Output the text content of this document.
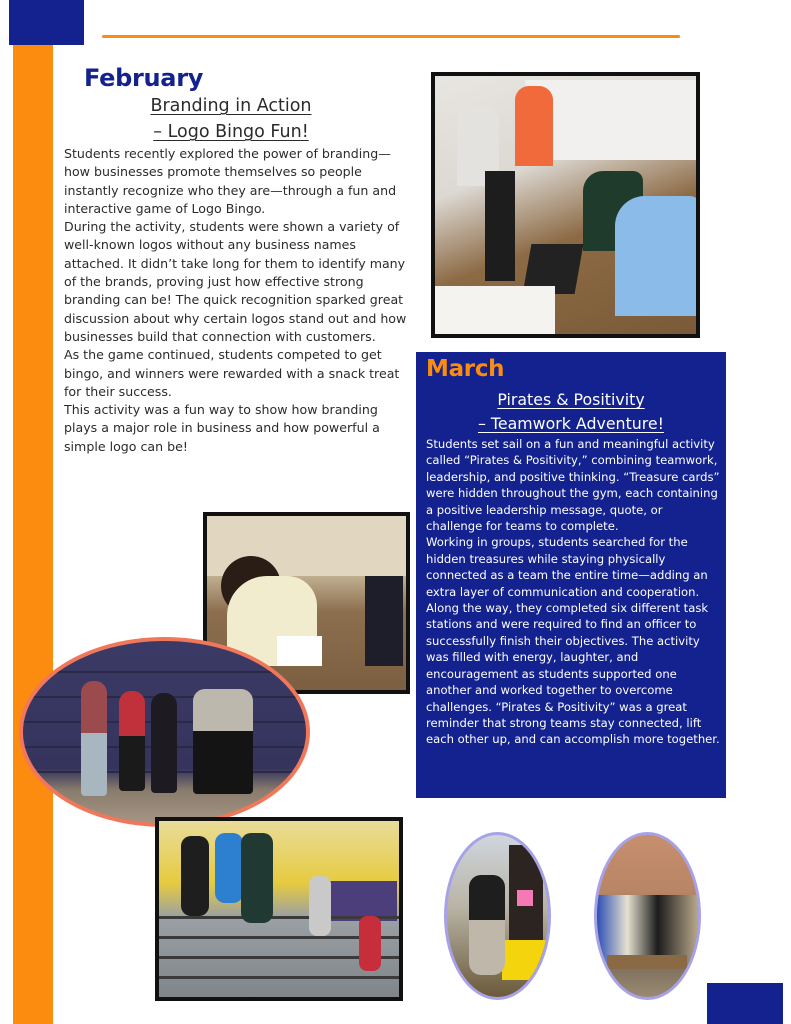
February
Branding in Action
– Logo Bingo Fun!

Students recently explored the power of branding—how businesses promote themselves so people instantly recognize who they are—through a fun and interactive game of Logo Bingo.

During the activity, students were shown a variety of well-known logos without any business names attached. It didn’t take long for them to identify many of the brands, proving just how effective strong branding can be! The quick recognition sparked great discussion about why certain logos stand out and how businesses build that connection with customers.

As the game continued, students competed to get bingo, and winners were rewarded with a snack treat for their success.

This activity was a fun way to show how branding plays a major role in business and how powerful a simple logo can be!

March
Pirates & Positivity
– Teamwork Adventure!

Students set sail on a fun and meaningful activity called “Pirates & Positivity,” combining teamwork, leadership, and positive thinking. “Treasure cards” were hidden throughout the gym, each containing a positive leadership message, quote, or challenge for teams to complete.

Working in groups, students searched for the hidden treasures while staying physically connected as a team the entire time—adding an extra layer of communication and cooperation. Along the way, they completed six different task stations and were required to find an officer to successfully finish their objectives. The activity was filled with energy, laughter, and encouragement as students supported one another and worked together to overcome challenges. “Pirates & Positivity” was a great reminder that strong teams stay connected, lift each other up, and can accomplish more together.
